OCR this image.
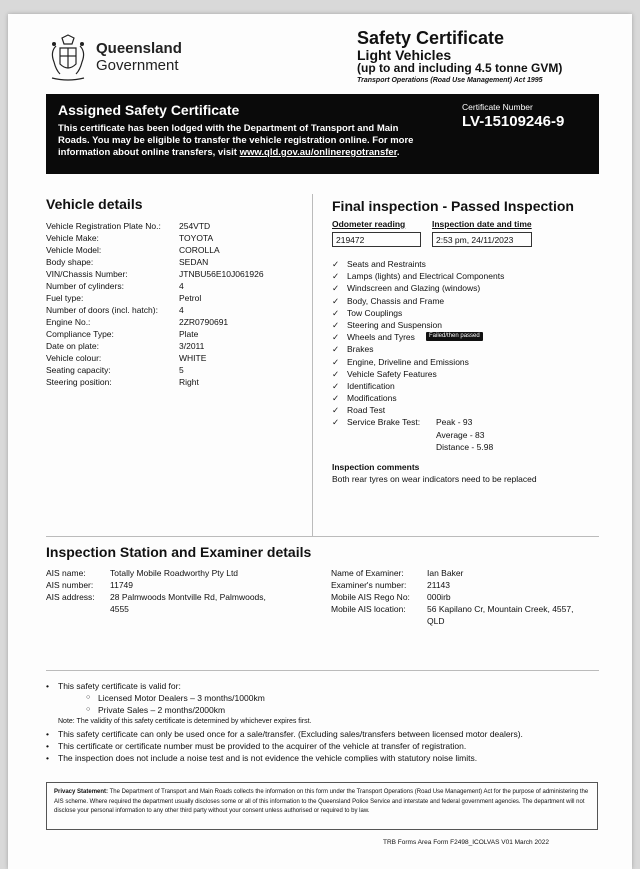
Queensland
Government
Safety Certificate
Light Vehicles
(up to and including 4.5 tonne GVM)
Transport Operations (Road Use Management) Act 1995
Assigned Safety Certificate
This certificate has been lodged with the Department of Transport and Main Roads. You may be eligible to transfer the vehicle registration online. For more information about online transfers, visit www.qld.gov.au/onlineregotransfer.
Certificate Number
LV-15109246-9
Vehicle details
Vehicle Registration Plate No.: 254VTD
Vehicle Make:	TOYOTA
Vehicle Model:	COROLLA
Body shape:	SEDAN
VIN/Chassis Number:	JTNBU56E10J061926
Number of cylinders:	4
Fuel type:	Petrol
Number of doors (incl. hatch): 4
Engine No.:	2ZR0790691
Compliance Type:	Plate
Date on plate:	3/2011
Vehicle colour:	WHITE
Seating capacity:	5
Steering position:	Right
Final inspection - Passed Inspection
Odometer reading	Inspection date and time
219472	2:53 pm, 24/11/2023
✓ Seats and Restraints
✓ Lamps (lights) and Electrical Components
✓ Windscreen and Glazing (windows)
✓ Body, Chassis and Frame
✓ Tow Couplings
✓ Steering and Suspension
✓ Wheels and Tyres	Failed/then passed
✓ Brakes
✓ Engine, Driveline and Emissions
✓ Vehicle Safety Features
✓ Identification
✓ Modifications
✓ Road Test
✓ Service Brake Test: Peak - 93
Average - 83
Distance - 5.98
Inspection comments
Both rear tyres on wear indicators need to be replaced
Inspection Station and Examiner details
AIS name:	Totally Mobile Roadworthy Pty Ltd
AIS number: 11749
AIS address: 28 Palmwoods Montville Rd, Palmwoods,
4555
Name of Examiner:	Ian Baker
Examiner's number: 21143
Mobile AIS Rego No: 000irb
Mobile AIS location:	56 Kapilano Cr, Mountain Creek, 4557,
QLD
• This safety certificate is valid for:
○ Licensed Motor Dealers – 3 months/1000km
○ Private Sales – 2 months/2000km
Note: The validity of this safety certificate is determined by whichever expires first.
• This safety certificate can only be used once for a sale/transfer. (Excluding sales/transfers between licensed motor dealers).
• This certificate or certificate number must be provided to the acquirer of the vehicle at transfer of registration.
• The inspection does not include a noise test and is not evidence the vehicle complies with statutory noise limits.
Privacy Statement: The Department of Transport and Main Roads collects the information on this form under the Transport Operations (Road Use Management) Act for the purpose of administering the AIS scheme. Where required the department usually discloses some or all of this information to the Queensland Police Service and interstate and federal government agencies. The department will not disclose your personal information to any other third party without your consent unless authorised or required to by law.
TRB Forms Area Form F2498_ICOLVAS V01 March 2022
